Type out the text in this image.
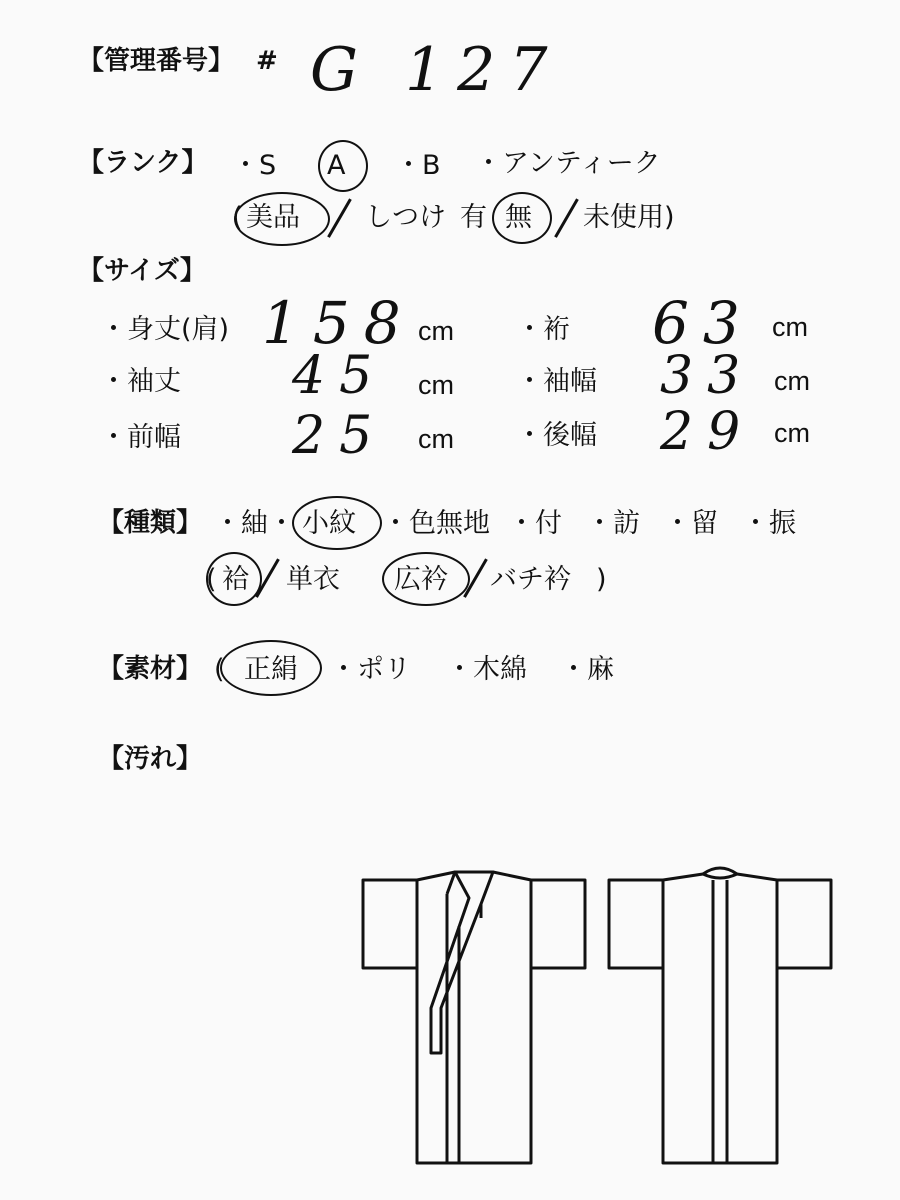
【管理番号】 # G 127
【ランク】 ・S A ・B ・アンティーク
( 美品 しつけ 有 無 未使用)
【サイズ】
・身丈(肩) 158 cm ・裄 63 cm
・袖丈 45 cm ・袖幅 33 cm
・前幅 25 cm ・後幅 29 cm
【種類】 ・紬・ 小紋 ・色無地 ・付 ・訪 ・留 ・振
( 袷 単衣 広衿 バチ衿 )
【素材】 ( 正絹 ・ポリ ・木綿 ・麻
【汚れ】
